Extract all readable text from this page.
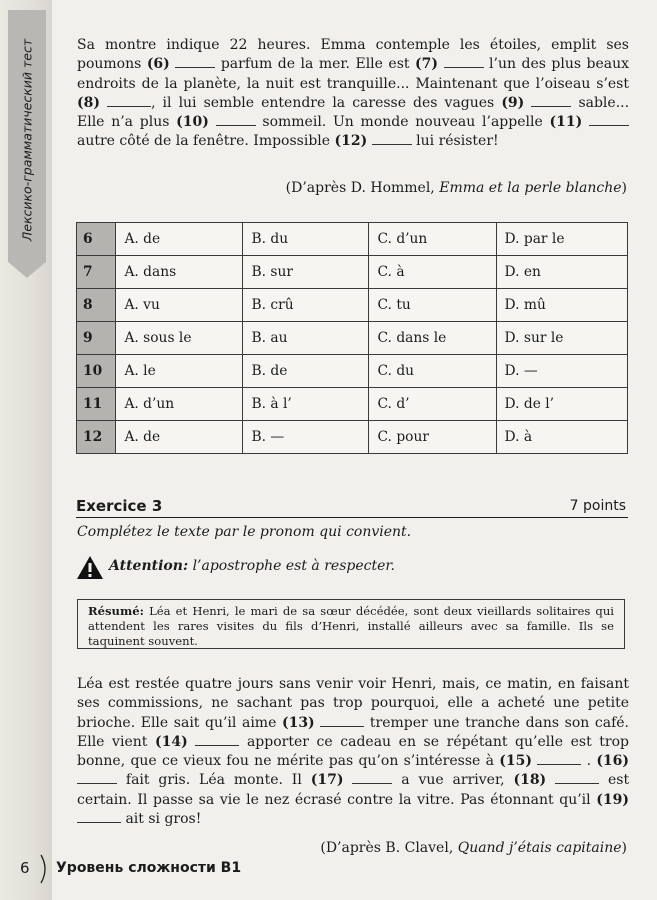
Лексико-грамматический тест	Sa montre indique 22 heures. Emma contemple les étoiles, emplit ses poumons (6)	parfum de la mer. Elle est (7)	l’un des plus beaux endroits de la planète, la nuit est tranquille... Maintenant que l’oiseau s’est (8)	, il lui semble entendre la caresse des vagues (9)	sable... Elle n’a plus (10)	sommeil. Un monde nouveau l’appelle (11)  autre côté de la fenêtre. Impossible (12)	lui résister!

(D’après D. Hommel, Emma et la perle blanche)
6	A. de	B. du	C. d’un	D. par le
7	A. dans	B. sur	C. à	D. en
8	A. vu	B. crû	C. tu	D. mû
9	A. sous le	B. au	C. dans le	D. sur le
10	A. le	B. de	C. du	D. —
11	A. d’un	B. à l’	C. d’	D. de l’
12	A. de	B. —	C. pour	D. à
Exercice 3	7 points
Complétez le texte par le pronom qui convient.
Attention: l’apostrophe est à respecter.
Résumé: Léa et Henri, le mari de sa sœur décédée, sont deux vieillards solitaires qui attendent les rares visites du fils d’Henri, installé ailleurs avec sa famille. Ils se taquinent souvent.

Léa est restée quatre jours sans venir voir Henri, mais, ce matin, en faisant ses commissions, ne sachant pas trop pourquoi, elle a acheté une petite brioche. Elle sait qu’il aime (13)	tremper une tranche dans son café. Elle vient (14)	apporter ce cadeau en se répétant qu’elle est trop bonne, que ce vieux fou ne mérite pas qu’on s’intéresse à (15)	. (16)  fait gris. Léa monte. Il (17)	a vue arriver, (18)	est certain. Il passe sa vie le nez écrasé contre la vitre. Pas étonnant qu’il (19)  ait si gros!

(D’après B. Clavel, Quand j’étais capitaine)
6 Уровень сложности B1
